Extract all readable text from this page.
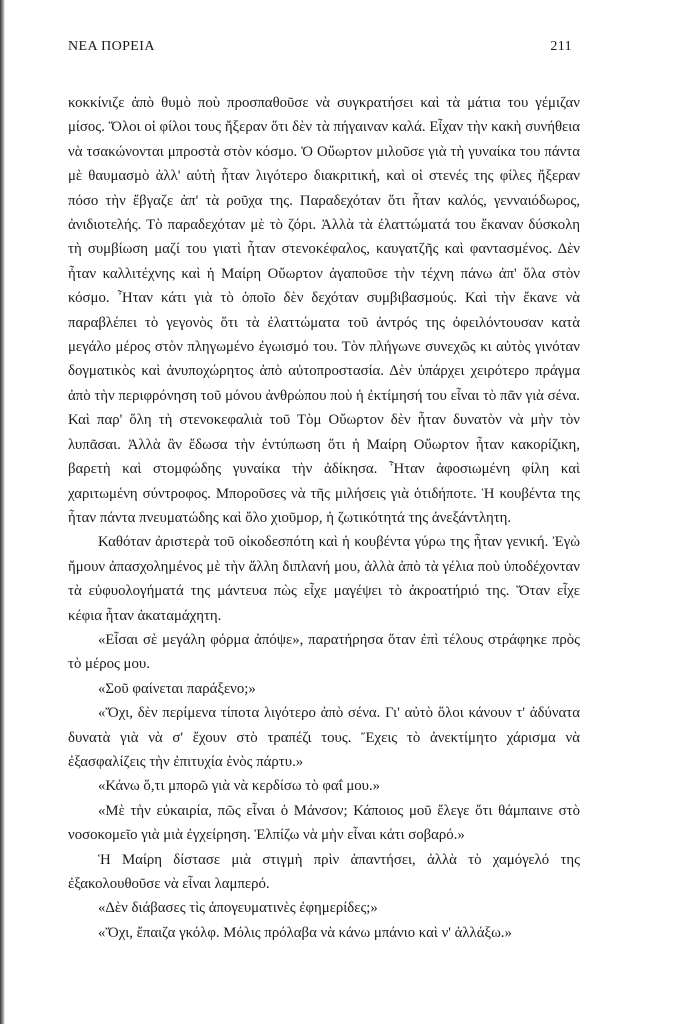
ΝΕΑ ΠΟΡΕΙΑ	211

κοκκίνιζε ἀπὸ θυμὸ ποὺ προσπαθοῦσε νὰ συγκρατήσει καὶ τὰ μάτια του γέμιζαν μίσος. Ὅλοι οἱ φίλοι τους ἤξεραν ὅτι δὲν τὰ πήγαιναν καλά. Εἶχαν τὴν κακὴ συνήθεια νὰ τσακώνονται μπροστὰ στὸν κόσμο. Ὁ Οὔωρτον μιλοῦσε γιὰ τὴ γυναίκα του πάντα μὲ θαυμασμὸ ἀλλ' αὐτὴ ἦταν λιγότερο διακριτική, καὶ οἱ στενές της φίλες ἤξεραν πόσο τὴν ἔβγαζε ἀπ' τὰ ροῦχα της. Παραδεχόταν ὅτι ἦταν καλός, γενναιόδωρος, ἀνιδιοτελής. Τὸ παραδεχόταν μὲ τὸ ζόρι. Ἀλλὰ τὰ ἐλαττώματά του ἔκαναν δύσκολη τὴ συμβίωση μαζί του γιατὶ ἦταν στενοκέφαλος, καυγατζῆς καὶ φαντασμένος. Δὲν ἦταν καλλιτέχνης καὶ ἡ Μαίρη Οὔωρτον ἀγαποῦσε τὴν τέχνη πάνω ἀπ' ὅλα στὸν κόσμο. Ἦταν κάτι γιὰ τὸ ὁποῖο δὲν δεχόταν συμβιβασμούς. Καὶ τὴν ἔκανε νὰ παραβλέπει τὸ γεγονὸς ὅτι τὰ ἐλαττώματα τοῦ ἀντρός της ὀφειλόντουσαν κατὰ μεγάλο μέρος στὸν πληγωμένο ἐγωισμό του. Τὸν πλήγωνε συνεχῶς κι αὐτὸς γινόταν δογματικὸς καὶ ἀνυποχώρητος ἀπὸ αὐτοπροστασία. Δὲν ὑπάρχει χειρότερο πράγμα ἀπὸ τὴν περιφρόνηση τοῦ μόνου ἀνθρώπου ποὺ ἡ ἐκτίμησή του εἶναι τὸ πᾶν γιὰ σένα. Καὶ παρ' ὅλη τὴ στενοκεφαλιὰ τοῦ Τὸμ Οὔωρτον δὲν ἦταν δυνατὸν νὰ μὴν τὸν λυπᾶσαι. Ἀλλὰ ἂν ἔδωσα τὴν ἐντύπωση ὅτι ἡ Μαίρη Οὔωρτον ἦταν κακορίζικη, βαρετὴ καὶ στομφώδης γυναίκα τὴν ἀδίκησα. Ἦταν ἀφοσιωμένη φίλη καὶ χαριτωμένη σύντροφος. Μποροῦσες νὰ τῆς μιλήσεις γιὰ ὁτιδήποτε. Ἡ κουβέντα της ἦταν πάντα πνευματώδης καὶ ὅλο χιοῦμορ, ἡ ζωτικότητά της ἀνεξάντλητη.

Καθόταν ἀριστερὰ τοῦ οἰκοδεσπότη καὶ ἡ κουβέντα γύρω της ἦταν γενική. Ἐγὼ ἤμουν ἀπασχολημένος μὲ τὴν ἄλλη διπλανή μου, ἀλλὰ ἀπὸ τὰ γέλια ποὺ ὑποδέχονταν τὰ εὐφυολογήματά της μάντευα πὼς εἶχε μαγέψει τὸ ἀκροατήριό της. Ὅταν εἶχε κέφια ἦταν ἀκαταμάχητη.

«Εἶσαι σὲ μεγάλη φόρμα ἀπόψε», παρατήρησα ὅταν ἐπὶ τέλους στράφηκε πρὸς τὸ μέρος μου.

«Σοῦ φαίνεται παράξενο;»

«Ὄχι, δὲν περίμενα τίποτα λιγότερο ἀπὸ σένα. Γι' αὐτὸ ὅλοι κάνουν τ' ἀδύνατα δυνατὰ γιὰ νὰ σ' ἔχουν στὸ τραπέζι τους. Ἔχεις τὸ ἀνεκτίμητο χάρισμα νὰ ἐξασφαλίζεις τὴν ἐπιτυχία ἑνὸς πάρτυ.»

«Κάνω ὅ,τι μπορῶ γιὰ νὰ κερδίσω τὸ φαΐ μου.»

«Μὲ τὴν εὐκαιρία, πῶς εἶναι ὁ Μάνσον; Κάποιος μοῦ ἔλεγε ὅτι θάμπαινε στὸ νοσοκομεῖο γιὰ μιὰ ἐγχείρηση. Ἐλπίζω νὰ μὴν εἶναι κάτι σοβαρό.»

Ἡ Μαίρη δίστασε μιὰ στιγμὴ πρὶν ἀπαντήσει, ἀλλὰ τὸ χαμόγελό της ἐξακολουθοῦσε νὰ εἶναι λαμπερό.

«Δὲν διάβασες τὶς ἀπογευματινὲς ἐφημερίδες;»

«Ὄχι, ἔπαιζα γκόλφ. Μόλις πρόλαβα νὰ κάνω μπάνιο καὶ ν' ἀλλάξω.»
